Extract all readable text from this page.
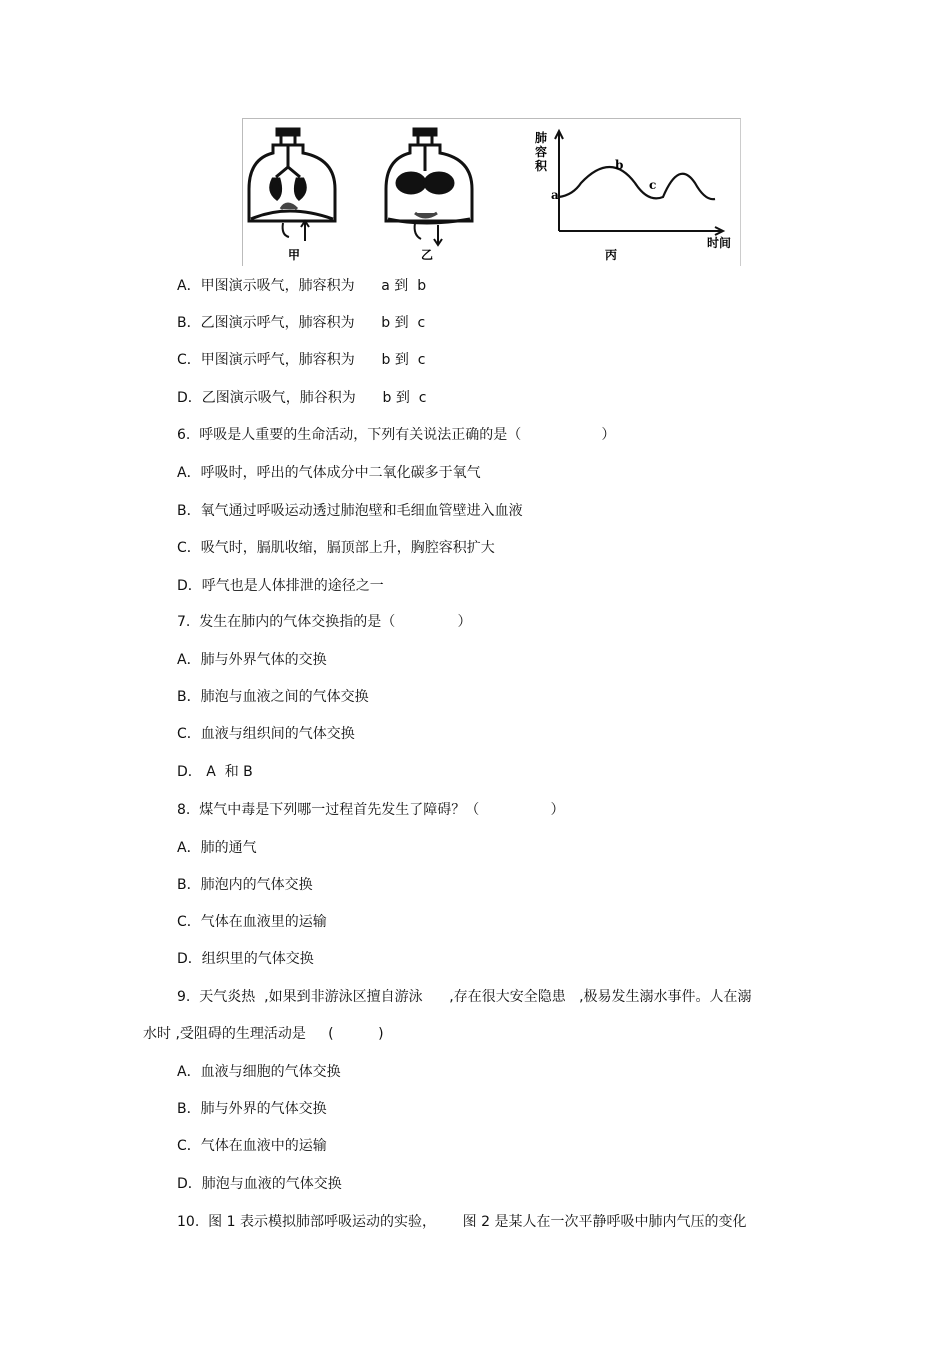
肺
容
积
a
b
c
时间
甲	乙	丙
A．甲图演示吸气，肺容积为      a 到  b
B．乙图演示呼气，肺容积为      b 到  c
C．甲图演示呼气，肺容积为      b 到  c
D．乙图演示吸气，肺谷积为      b 到  c
6.  呼吸是人重要的生命活动，下列有关说法正确的是（                  ）
A．呼吸时，呼出的气体成分中二氧化碳多于氧气
B．氧气通过呼吸运动透过肺泡壁和毛细血管壁进入血液
C．吸气时，膈肌收缩，膈顶部上升，胸腔容积扩大
D．呼气也是人体排泄的途径之一
7.  发生在肺内的气体交换指的是（              ）
A．肺与外界气体的交换
B．肺泡与血液之间的气体交换
C．血液与组织间的气体交换
D． A  和 B
8.  煤气中毒是下列哪一过程首先发生了障碍？（                ）
A．肺的通气
B．肺泡内的气体交换
C．气体在血液里的运输
D．组织里的气体交换
9.  天气炎热  ,如果到非游泳区擅自游泳      ,存在很大安全隐患   ,极易发生溺水事件。人在溺
水时 ,受阻碍的生理活动是     (          )
A．血液与细胞的气体交换
B．肺与外界的气体交换
C．气体在血液中的运输
D．肺泡与血液的气体交换
10.  图 1 表示模拟肺部呼吸运动的实验，      图 2 是某人在一次平静呼吸中肺内气压的变化
